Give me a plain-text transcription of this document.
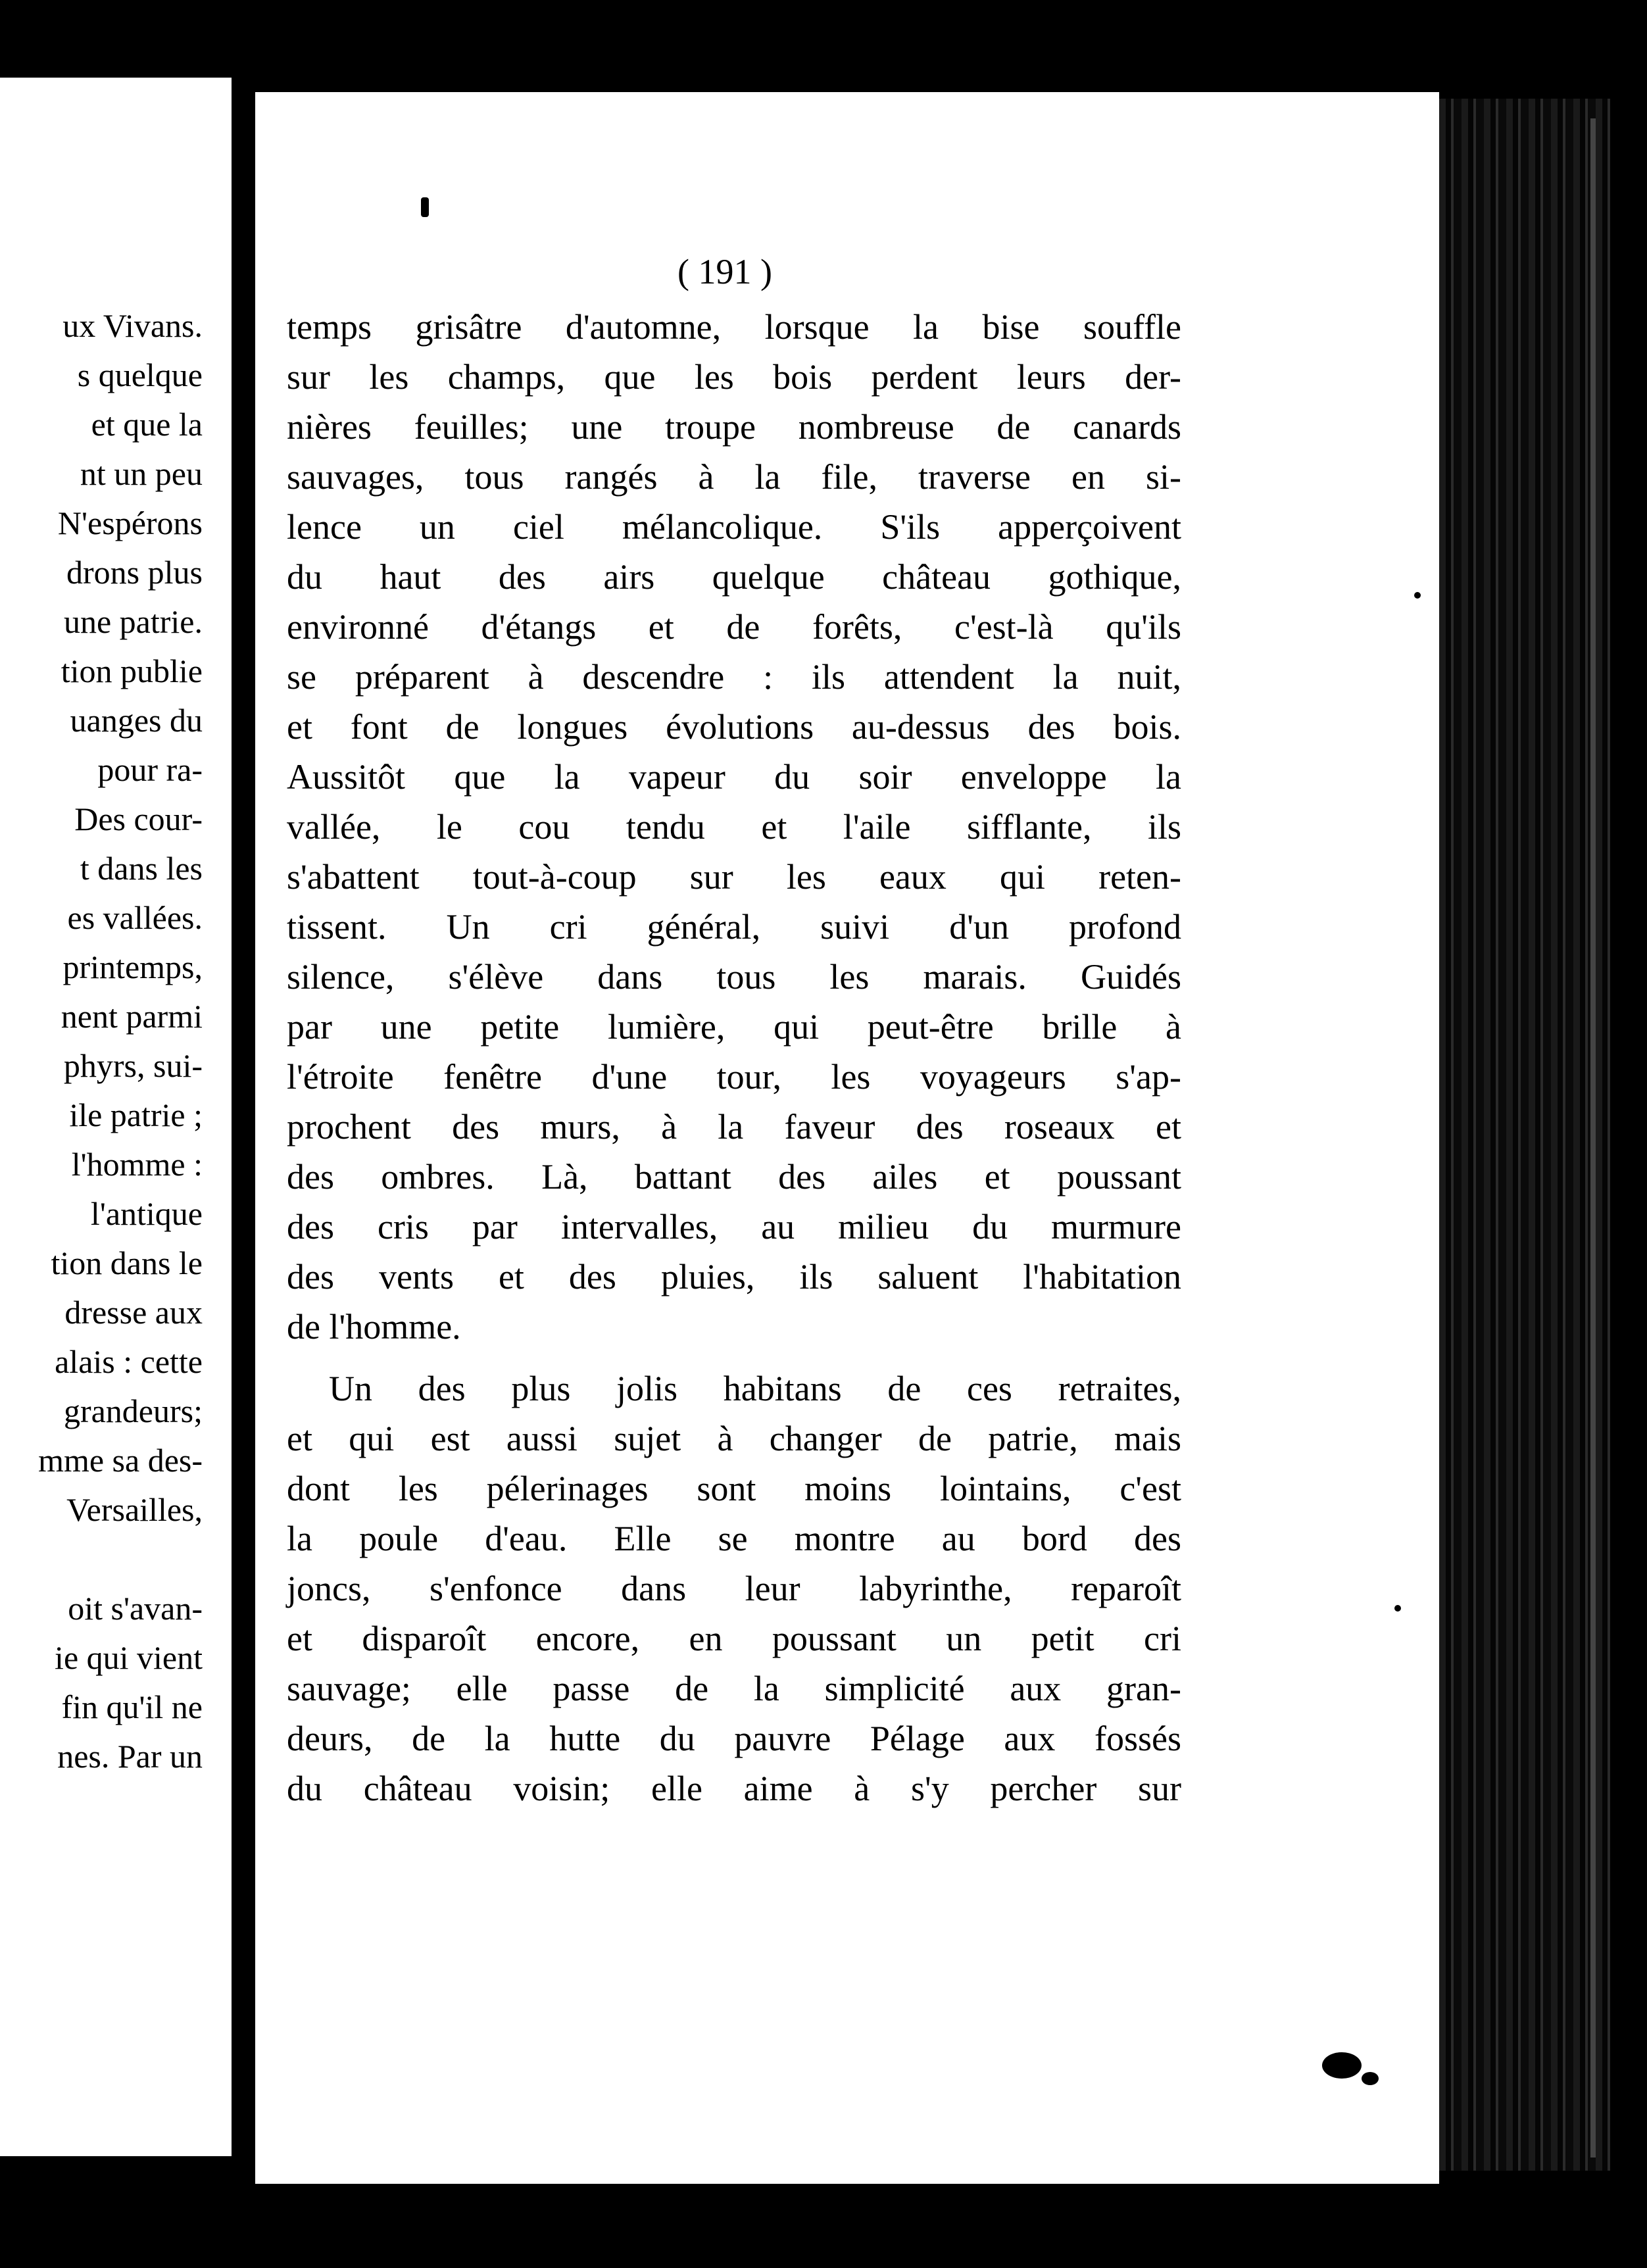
ux Vivans.
s quelque
et que la
nt un peu
N'espérons
drons plus
une patrie.
tion publie
uanges du
pour ra-
Des cour-
t dans les
es vallées.
printemps,
nent parmi
phyrs, sui-
ile patrie ;
l'homme :
l'antique
tion dans le
dresse aux
alais : cette
grandeurs;
mme sa des-
Versailles,
oit s'avan-
ie qui vient
fin qu'il ne
nes. Par un
( 191 )
temps grisâtre d'automne, lorsque la bise souffle
sur les champs, que les bois perdent leurs der-
nières feuilles; une troupe nombreuse de canards
sauvages, tous rangés à la file, traverse en si-
lence un ciel mélancolique. S'ils apperçoivent
du haut des airs quelque château gothique,
environné d'étangs et de forêts, c'est-là qu'ils
se préparent à descendre : ils attendent la nuit,
et font de longues évolutions au-dessus des bois.
Aussitôt que la vapeur du soir enveloppe la
vallée, le cou tendu et l'aile sifflante, ils
s'abattent tout-à-coup sur les eaux qui reten-
tissent. Un cri général, suivi d'un profond
silence, s'élève dans tous les marais. Guidés
par une petite lumière, qui peut-être brille à
l'étroite fenêtre d'une tour, les voyageurs s'ap-
prochent des murs, à la faveur des roseaux et
des ombres. Là, battant des ailes et poussant
des cris par intervalles, au milieu du murmure
des vents et des pluies, ils saluent l'habitation
de l'homme.
Un des plus jolis habitans de ces retraites,
et qui est aussi sujet à changer de patrie, mais
dont les pélerinages sont moins lointains, c'est
la poule d'eau. Elle se montre au bord des
joncs, s'enfonce dans leur labyrinthe, reparoît
et disparoît encore, en poussant un petit cri
sauvage; elle passe de la simplicité aux gran-
deurs, de la hutte du pauvre Pélage aux fossés
du château voisin; elle aime à s'y percher sur
